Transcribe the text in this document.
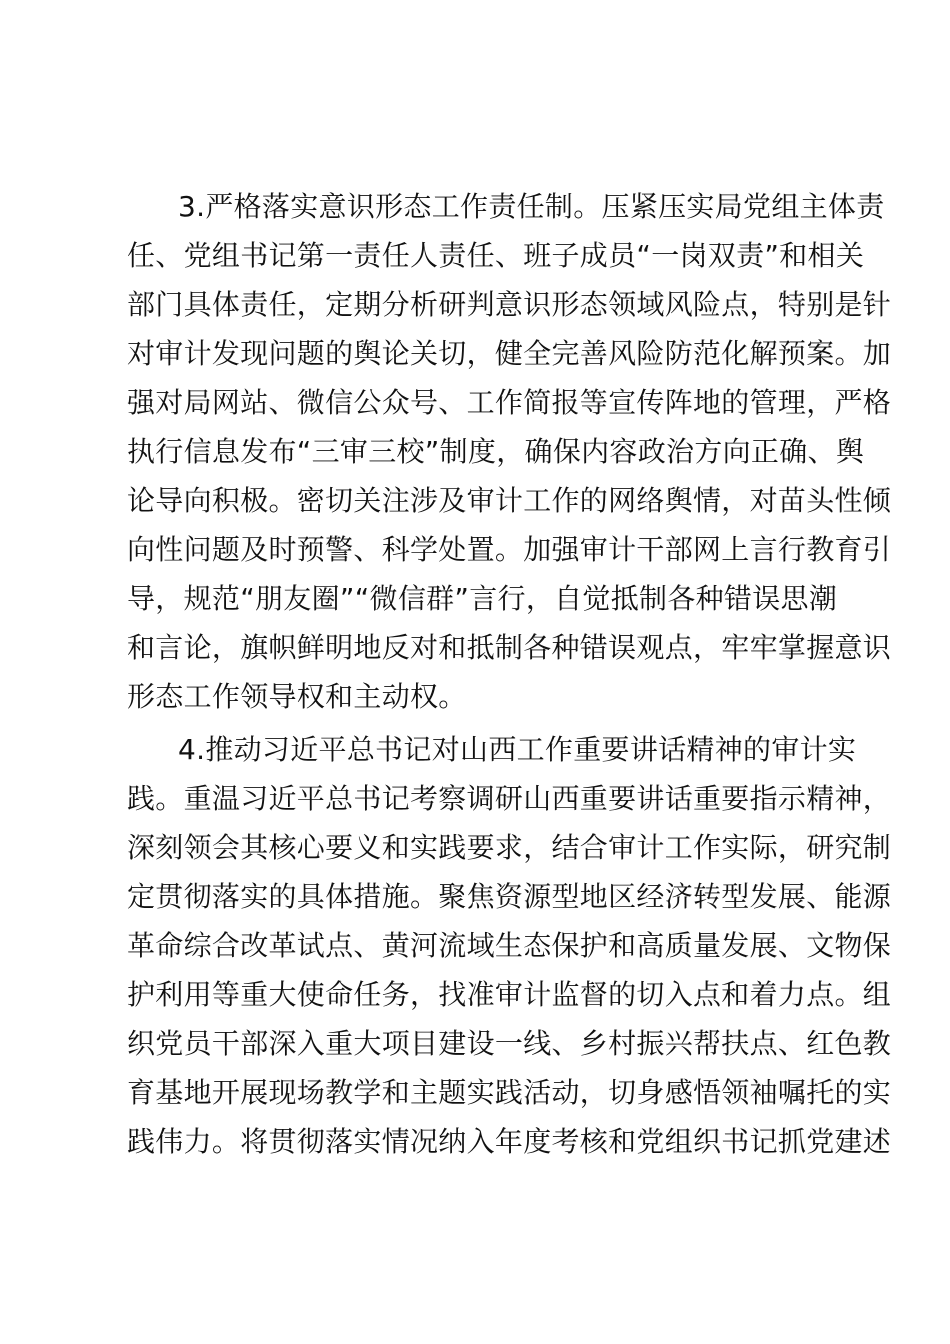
3.严格落实意识形态工作责任制。压紧压实局党组主体责
任、党组书记第一责任人责任、班子成员“一岗双责”和相关
部门具体责任，定期分析研判意识形态领域风险点，特别是针
对审计发现问题的舆论关切，健全完善风险防范化解预案。加
强对局网站、微信公众号、工作简报等宣传阵地的管理，严格
执行信息发布“三审三校”制度，确保内容政治方向正确、舆
论导向积极。密切关注涉及审计工作的网络舆情，对苗头性倾
向性问题及时预警、科学处置。加强审计干部网上言行教育引
导，规范“朋友圈”“微信群”言行，自觉抵制各种错误思潮
和言论，旗帜鲜明地反对和抵制各种错误观点，牢牢掌握意识
形态工作领导权和主动权。
4.推动习近平总书记对山西工作重要讲话精神的审计实
践。重温习近平总书记考察调研山西重要讲话重要指示精神，
深刻领会其核心要义和实践要求，结合审计工作实际，研究制
定贯彻落实的具体措施。聚焦资源型地区经济转型发展、能源
革命综合改革试点、黄河流域生态保护和高质量发展、文物保
护利用等重大使命任务，找准审计监督的切入点和着力点。组
织党员干部深入重大项目建设一线、乡村振兴帮扶点、红色教
育基地开展现场教学和主题实践活动，切身感悟领袖嘱托的实
践伟力。将贯彻落实情况纳入年度考核和党组织书记抓党建述
